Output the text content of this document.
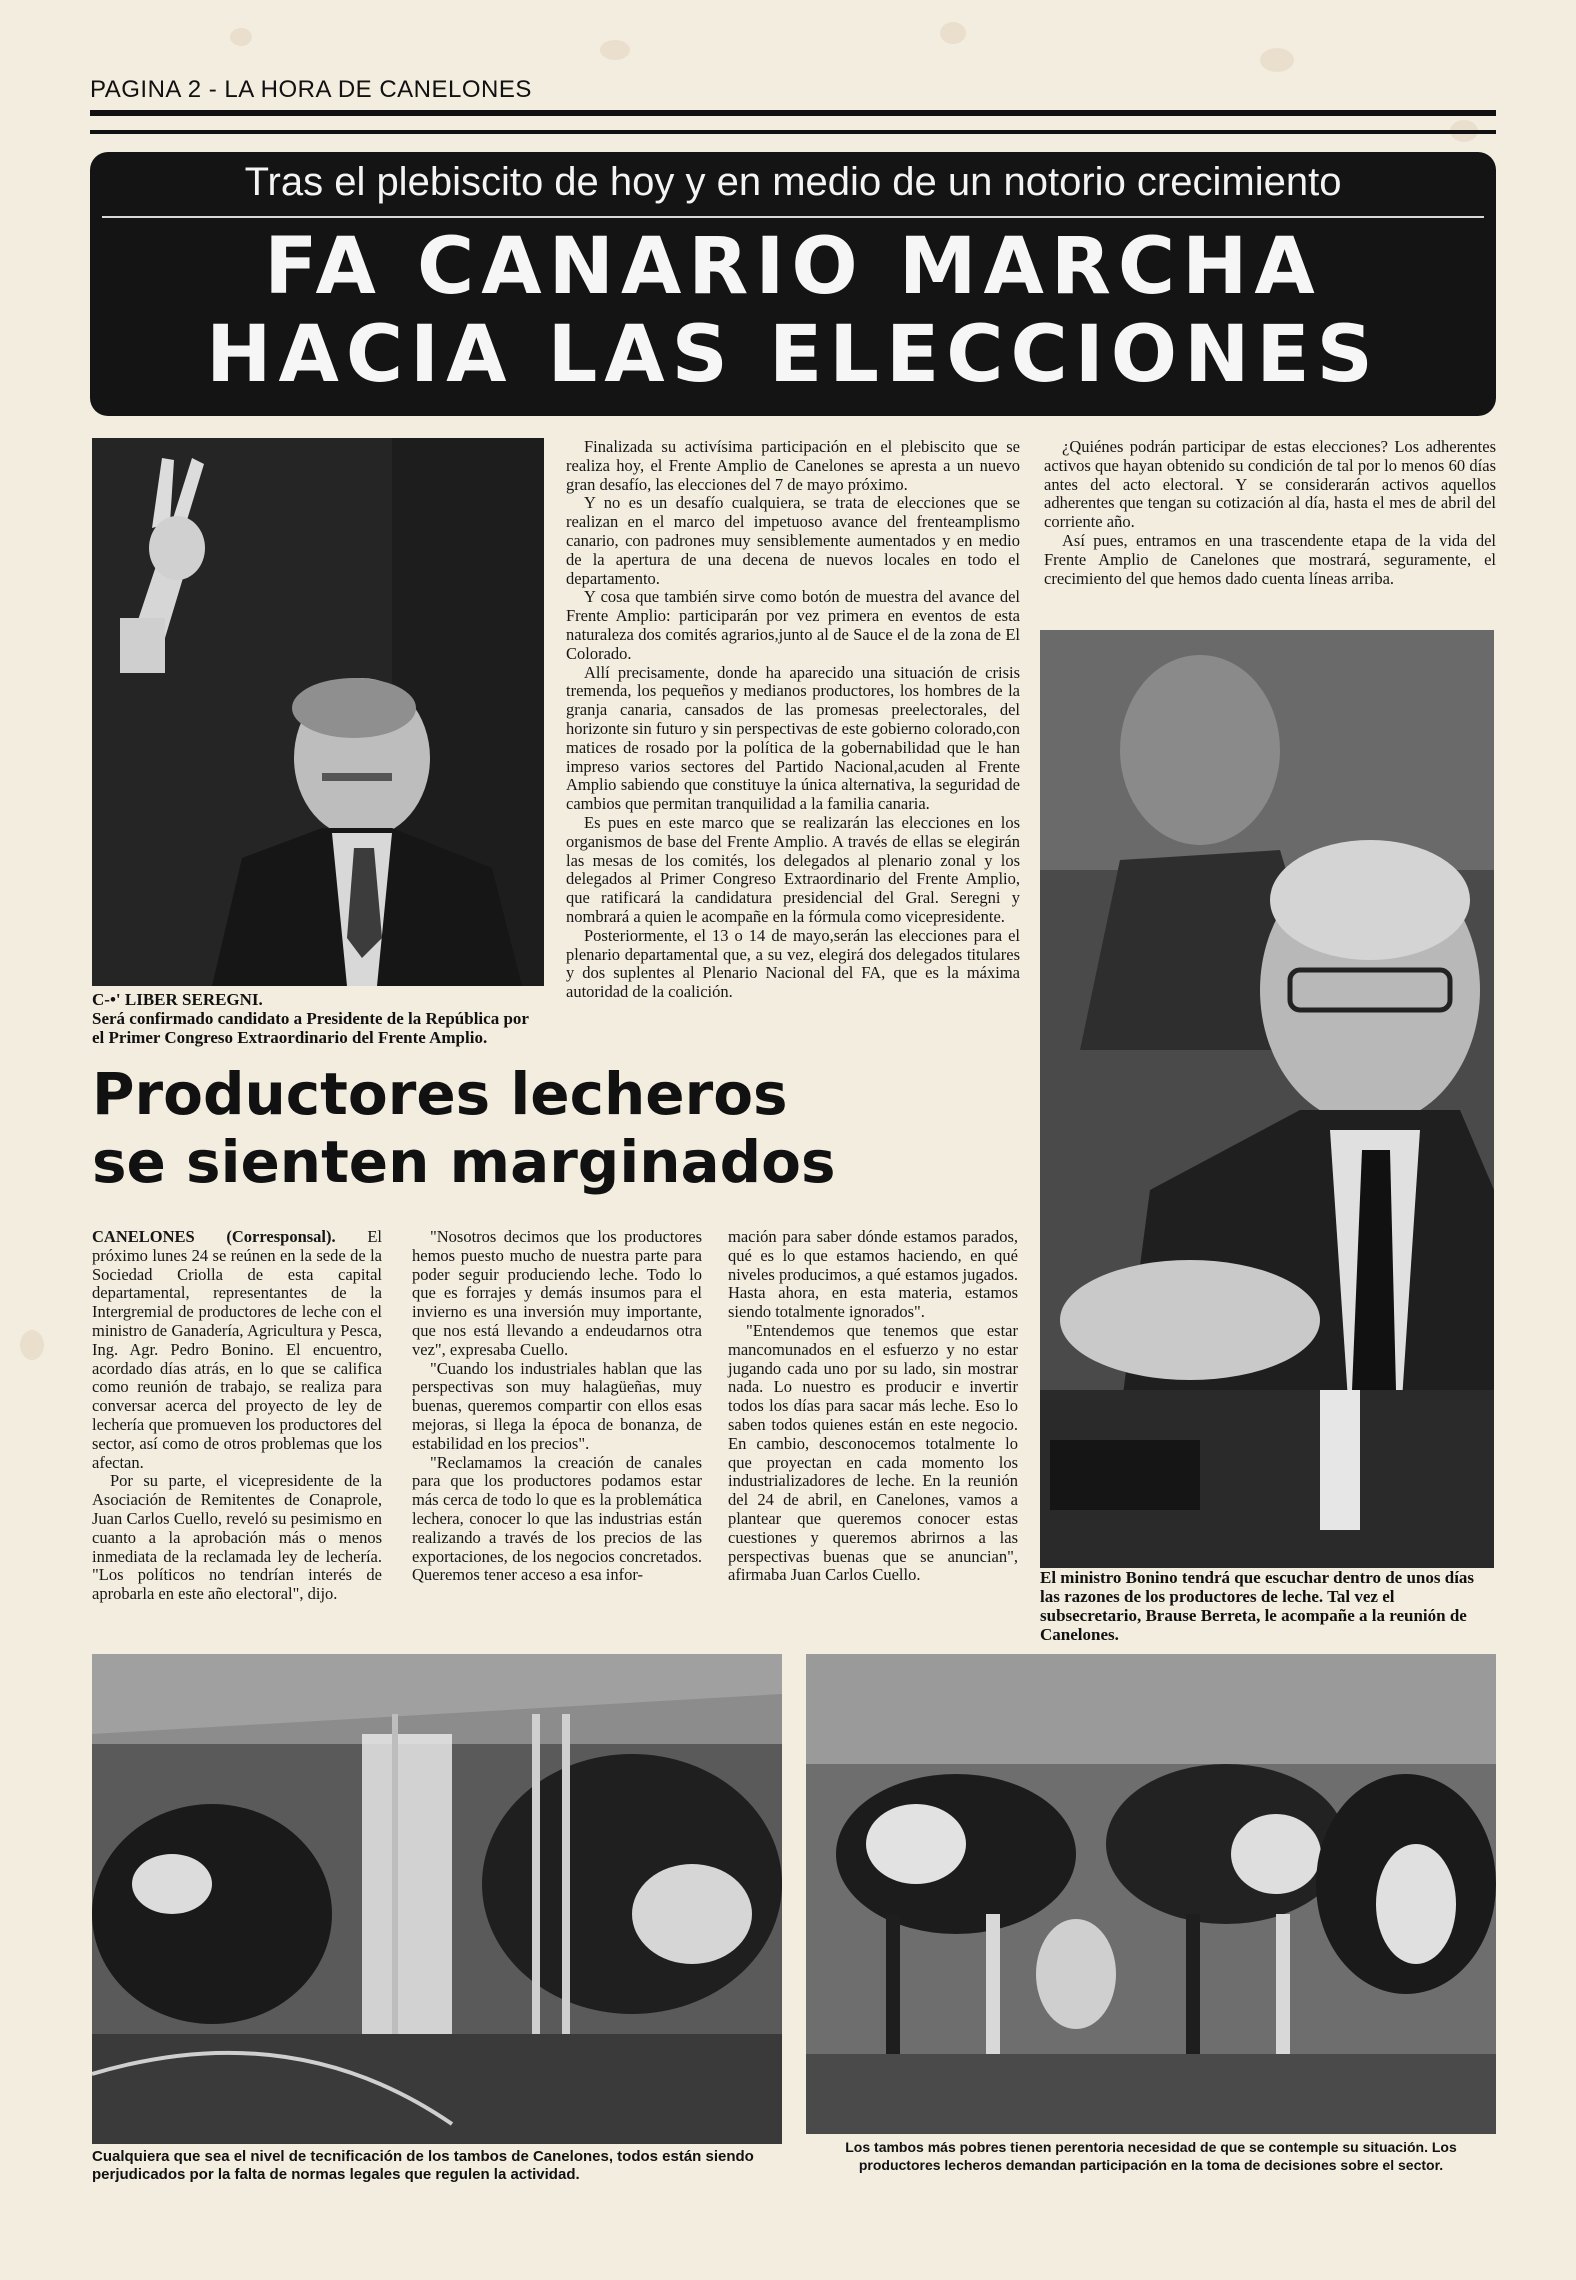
PAGINA 2 - LA HORA DE CANELONES
Tras el plebiscito de hoy y en medio de un notorio crecimiento
FA CANARIO MARCHA
HACIA LAS ELECCIONES
C-•' LIBER SEREGNI.
Será confirmado candidato a Presidente de la República por el Primer Congreso Extraordinario del Frente Amplio.

Finalizada su activísima participación en el plebiscito que se realiza hoy, el Frente Amplio de Canelones se apresta a un nuevo gran desafío, las elecciones del 7 de mayo próximo.

Y no es un desafío cualquiera, se trata de elecciones que se realizan en el marco del impetuoso avance del frenteamplismo canario, con padrones muy sensiblemente aumentados y en medio de la apertura de una decena de nuevos locales en todo el departamento.

Y cosa que también sirve como botón de muestra del avance del Frente Amplio: participarán por vez primera en eventos de esta naturaleza dos comités agrarios,junto al de Sauce el de la zona de El Colorado.

Allí precisamente, donde ha aparecido una situación de crisis tremenda, los pequeños y medianos productores, los hombres de la granja canaria, cansados de las promesas preelectorales, del horizonte sin futuro y sin perspectivas de este gobierno colorado,con matices de rosado por la política de la gobernabilidad que le han impreso varios sectores del Partido Nacional,acuden al Frente Amplio sabiendo que constituye la única alternativa, la seguridad de cambios que permitan tranquilidad a la familia canaria.

Es pues en este marco que se realizarán las elecciones en los organismos de base del Frente Amplio. A través de ellas se elegirán las mesas de los comités, los delegados al plenario zonal y los delegados al Primer Congreso Extraordinario del Frente Amplio, que ratificará la candidatura presidencial del Gral. Seregni y nombrará a quien le acompañe en la fórmula como vicepresidente.

Posteriormente, el 13 o 14 de mayo,serán las elecciones para el plenario departamental que, a su vez, elegirá dos delegados titulares y dos suplentes al Plenario Nacional del FA, que es la máxima autoridad de la coalición.

¿Quiénes podrán participar de estas elecciones? Los adherentes activos que hayan obtenido su condición de tal por lo menos 60 días antes del acto electoral. Y se considerarán activos aquellos adherentes que tengan su cotización al día, hasta el mes de abril del corriente año.

Así pues, entramos en una trascendente etapa de la vida del Frente Amplio de Canelones que mostrará, seguramente, el crecimiento del que hemos dado cuenta líneas arriba.

El ministro Bonino tendrá que escuchar dentro de unos días las razones de los productores de leche. Tal vez el subsecretario, Brause Berreta, le acompañe a la reunión de Canelones.
Productores lecheros
se sienten marginados

CANELONES (Corresponsal). El próximo lunes 24 se reúnen en la sede de la Sociedad Criolla de esta capital departamental, representantes de la Intergremial de productores de leche con el ministro de Ganadería, Agricultura y Pesca, Ing. Agr. Pedro Bonino. El encuentro, acordado días atrás, en lo que se califica como reunión de trabajo, se realiza para conversar acerca del proyecto de ley de lechería que promueven los productores del sector, así como de otros problemas que los afectan.

Por su parte, el vicepresidente de la Asociación de Remitentes de Conaprole, Juan Carlos Cuello, reveló su pesimismo en cuanto a la aprobación más o menos inmediata de la reclamada ley de lechería. "Los políticos no tendrían interés de aprobarla en este año electoral", dijo.

"Nosotros decimos que los productores hemos puesto mucho de nuestra parte para poder seguir produciendo leche. Todo lo que es forrajes y demás insumos para el invierno es una inversión muy importante, que nos está llevando a endeudarnos otra vez", expresaba Cuello.

"Cuando los industriales hablan que las perspectivas son muy halagüeñas, muy buenas, queremos compartir con ellos esas mejoras, si llega la época de bonanza, de estabilidad en los precios".

"Reclamamos la creación de canales para que los productores podamos estar más cerca de todo lo que es la problemática lechera, conocer lo que las industrias están realizando a través de los precios de las exportaciones, de los negocios concretados. Queremos tener acceso a esa infor-

mación para saber dónde estamos parados, qué es lo que estamos haciendo, en qué niveles producimos, a qué estamos jugados. Hasta ahora, en esta materia, estamos siendo totalmente ignorados".

"Entendemos que tenemos que estar mancomunados en el esfuerzo y no estar jugando cada uno por su lado, sin mostrar nada. Lo nuestro es producir e invertir todos los días para sacar más leche. Eso lo saben todos quienes están en este negocio. En cambio, desconocemos totalmente lo que proyectan en cada momento los industrializadores de leche. En la reunión del 24 de abril, en Canelones, vamos a plantear que queremos conocer estas cuestiones y queremos abrirnos a las perspectivas buenas que se anuncian", afirmaba Juan Carlos Cuello.

Cualquiera que sea el nivel de tecnificación de los tambos de Canelones, todos están siendo perjudicados por la falta de normas legales que regulen la actividad.
Los tambos más pobres tienen perentoria necesidad de que se contemple su situación. Los productores lecheros demandan participación en la toma de decisiones sobre el sector.
